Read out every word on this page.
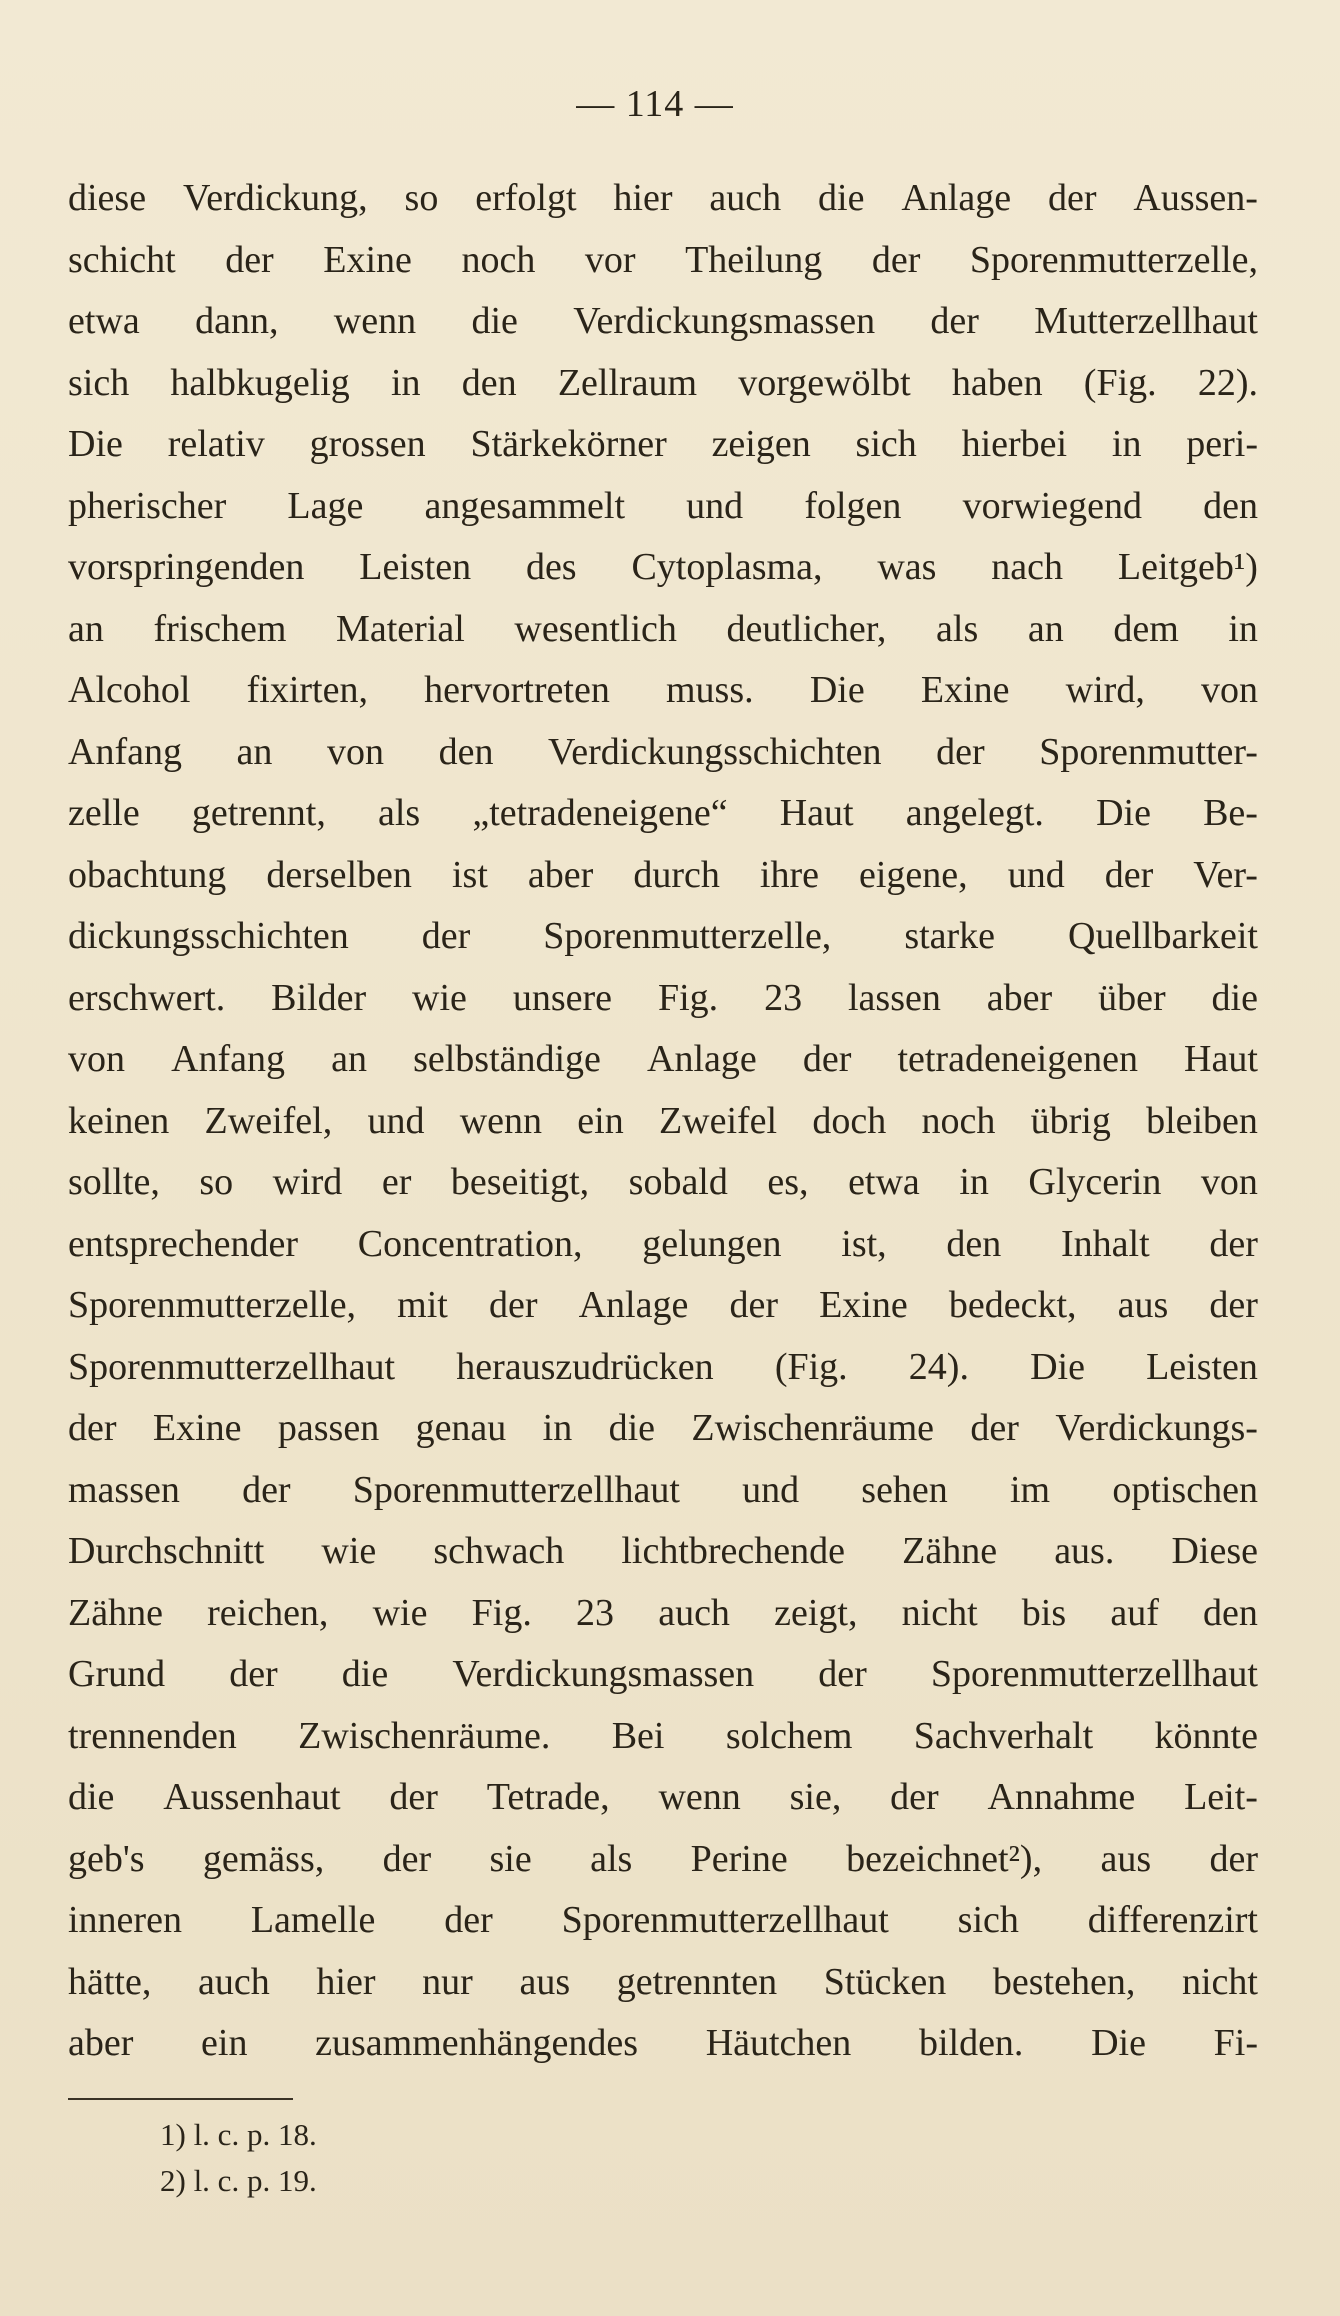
— 114 —
diese Verdickung, so erfolgt hier auch die Anlage der Aussen-
schicht der Exine noch vor Theilung der Sporenmutterzelle,
etwa dann, wenn die Verdickungsmassen der Mutterzellhaut
sich halbkugelig in den Zellraum vorgewölbt haben (Fig. 22).
Die relativ grossen Stärkekörner zeigen sich hierbei in peri-
pherischer Lage angesammelt und folgen vorwiegend den
vorspringenden Leisten des Cytoplasma, was nach Leitgeb¹)
an frischem Material wesentlich deutlicher, als an dem in
Alcohol fixirten, hervortreten muss. Die Exine wird, von
Anfang an von den Verdickungsschichten der Sporenmutter-
zelle getrennt, als „tetradeneigene“ Haut angelegt. Die Be-
obachtung derselben ist aber durch ihre eigene, und der Ver-
dickungsschichten der Sporenmutterzelle, starke Quellbarkeit
erschwert. Bilder wie unsere Fig. 23 lassen aber über die
von Anfang an selbständige Anlage der tetradeneigenen Haut
keinen Zweifel, und wenn ein Zweifel doch noch übrig bleiben
sollte, so wird er beseitigt, sobald es, etwa in Glycerin von
entsprechender Concentration, gelungen ist, den Inhalt der
Sporenmutterzelle, mit der Anlage der Exine bedeckt, aus der
Sporenmutterzellhaut herauszudrücken (Fig. 24). Die Leisten
der Exine passen genau in die Zwischenräume der Verdickungs-
massen der Sporenmutterzellhaut und sehen im optischen
Durchschnitt wie schwach lichtbrechende Zähne aus. Diese
Zähne reichen, wie Fig. 23 auch zeigt, nicht bis auf den
Grund der die Verdickungsmassen der Sporenmutterzellhaut
trennenden Zwischenräume. Bei solchem Sachverhalt könnte
die Aussenhaut der Tetrade, wenn sie, der Annahme Leit-
geb's gemäss, der sie als Perine bezeichnet²), aus der
inneren Lamelle der Sporenmutterzellhaut sich differenzirt
hätte, auch hier nur aus getrennten Stücken bestehen, nicht
aber ein zusammenhängendes Häutchen bilden. Die Fi-
1) l. c. p. 18.
2) l. c. p. 19.
